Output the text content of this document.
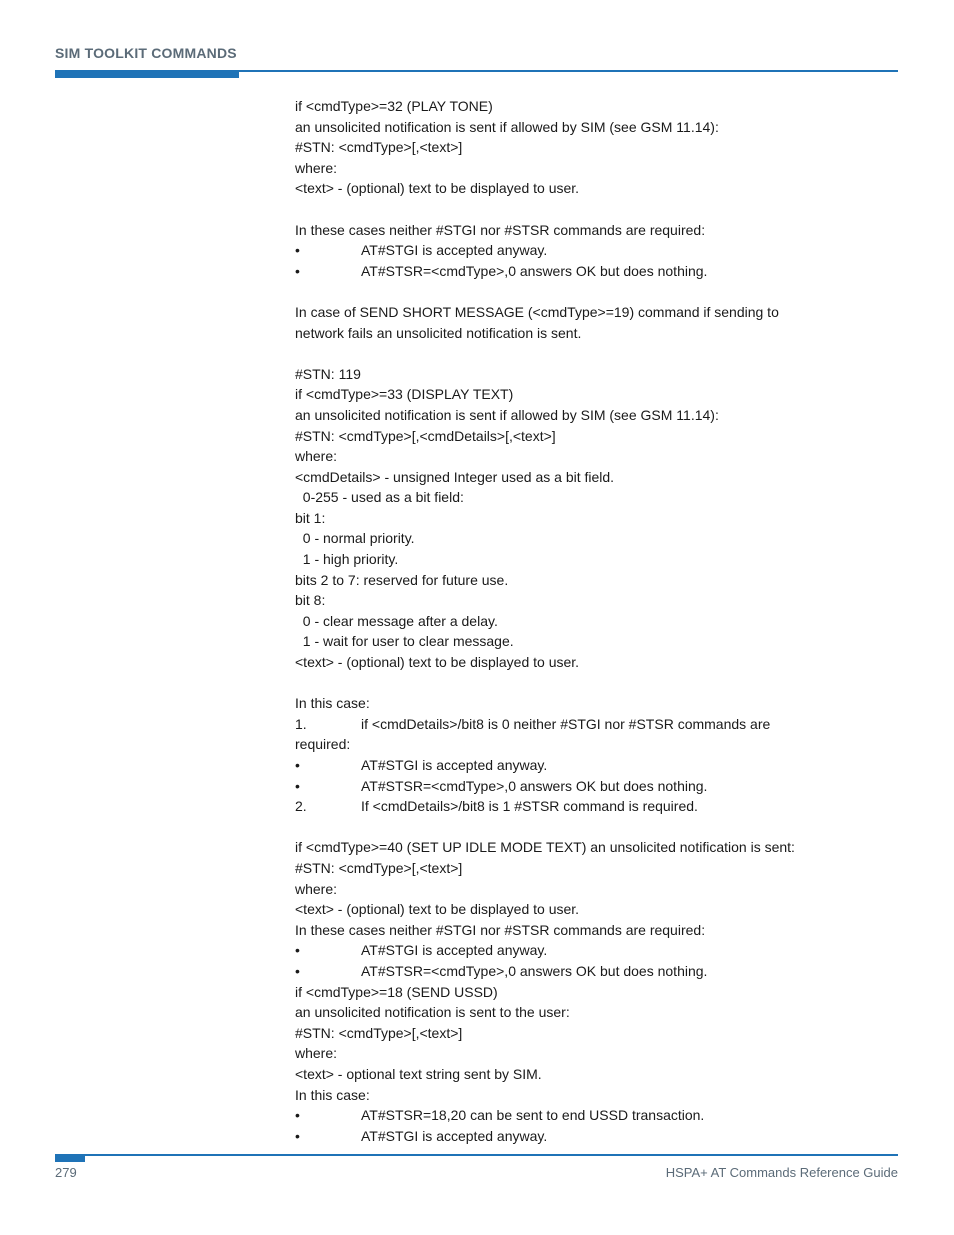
SIM TOOLKIT COMMANDS
if <cmdType>=32 (PLAY TONE)
an unsolicited notification is sent if allowed by SIM (see GSM 11.14):
#STN: <cmdType>[,<text>]
where:
<text> - (optional) text to be displayed to user.
In these cases neither #STGI nor #STSR commands are required:
•	AT#STGI is accepted anyway.
•	AT#STSR=<cmdType>,0 answers OK but does nothing.
In case of SEND SHORT MESSAGE (<cmdType>=19) command if sending to
network fails an unsolicited notification is sent.
#STN: 119
if <cmdType>=33 (DISPLAY TEXT)
an unsolicited notification is sent if allowed by SIM (see GSM 11.14):
#STN: <cmdType>[,<cmdDetails>[,<text>]
where:
<cmdDetails> - unsigned Integer used as a bit field.
0-255 - used as a bit field:
bit 1:
0 - normal priority.
1 - high priority.
bits 2 to 7: reserved for future use.
bit 8:
0 - clear message after a delay.
1 - wait for user to clear message.
<text> - (optional) text to be displayed to user.
In this case:
1.	if <cmdDetails>/bit8 is 0 neither #STGI nor #STSR commands are
required:
•	AT#STGI is accepted anyway.
•	AT#STSR=<cmdType>,0 answers OK but does nothing.
2.	If <cmdDetails>/bit8 is 1 #STSR command is required.
if <cmdType>=40 (SET UP IDLE MODE TEXT) an unsolicited notification is sent:
#STN: <cmdType>[,<text>]
where:
<text> - (optional) text to be displayed to user.
In these cases neither #STGI nor #STSR commands are required:
•	AT#STGI is accepted anyway.
•	AT#STSR=<cmdType>,0 answers OK but does nothing.
if <cmdType>=18 (SEND USSD)
an unsolicited notification is sent to the user:
#STN: <cmdType>[,<text>]
where:
<text> - optional text string sent by SIM.
In this case:
•	AT#STSR=18,20 can be sent to end USSD transaction.
•	AT#STGI is accepted anyway.
279	HSPA+ AT Commands Reference Guide
